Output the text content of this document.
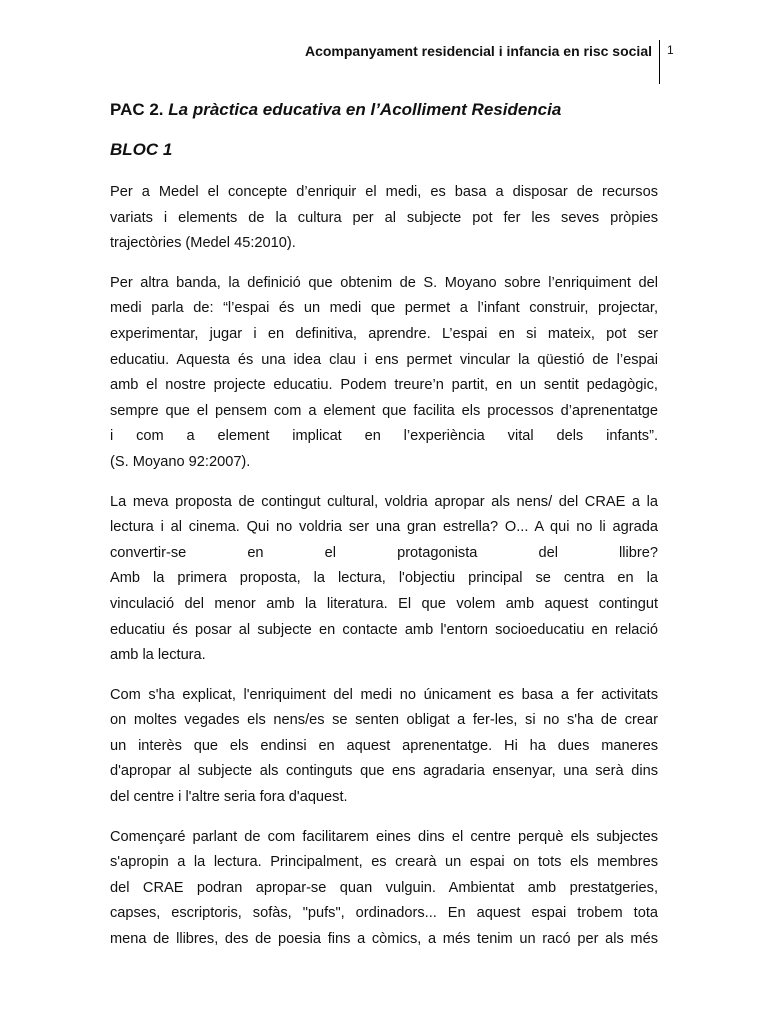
Acompanyament residencial i infancia en risc social 1
PAC 2. La pràctica educativa en l’Acolliment Residencia
BLOC 1

Per a Medel el concepte d’enriquir el medi, es basa a disposar de recursos
variats i elements de la cultura per al subjecte pot fer les seves pròpies
trajectòries (Medel 45:2010).

Per altra banda, la definició que obtenim de S. Moyano sobre l’enriquiment del
medi parla de: “l’espai és un medi que permet a l’infant construir, projectar,
experimentar, jugar i en definitiva, aprendre. L’espai en si mateix, pot ser
educatiu. Aquesta és una idea clau i ens permet vincular la qüestió de l’espai
amb el nostre projecte educatiu. Podem treure’n partit, en un sentit pedagògic,
sempre que el pensem com a element que facilita els processos d’aprenentatge
i com a element implicat en l’experiència vital dels infants”.
(S. Moyano 92:2007).

La meva proposta de contingut cultural, voldria apropar als nens/ del CRAE a la
lectura i al cinema. Qui no voldria ser una gran estrella? O... A qui no li agrada
convertir-se en el protagonista del llibre?
Amb la primera proposta, la lectura, l'objectiu principal se centra en la
vinculació del menor amb la literatura. El que volem amb aquest contingut
educatiu és posar al subjecte en contacte amb l'entorn socioeducatiu en relació
amb la lectura.

Com s'ha explicat, l'enriquiment del medi no únicament es basa a fer activitats
on moltes vegades els nens/es se senten obligat a fer-les, si no s'ha de crear
un interès que els endinsi en aquest aprenentatge. Hi ha dues maneres
d'apropar al subjecte als continguts que ens agradaria ensenyar, una serà dins
del centre i l'altre seria fora d'aquest.

Començaré parlant de com facilitarem eines dins el centre perquè els subjectes
s'apropin a la lectura. Principalment, es crearà un espai on tots els membres
del CRAE podran apropar-se quan vulguin. Ambientat amb prestatgeries,
capses, escriptoris, sofàs, "pufs", ordinadors... En aquest espai trobem tota
mena de llibres, des de poesia fins a còmics, a més tenim un racó per als més
